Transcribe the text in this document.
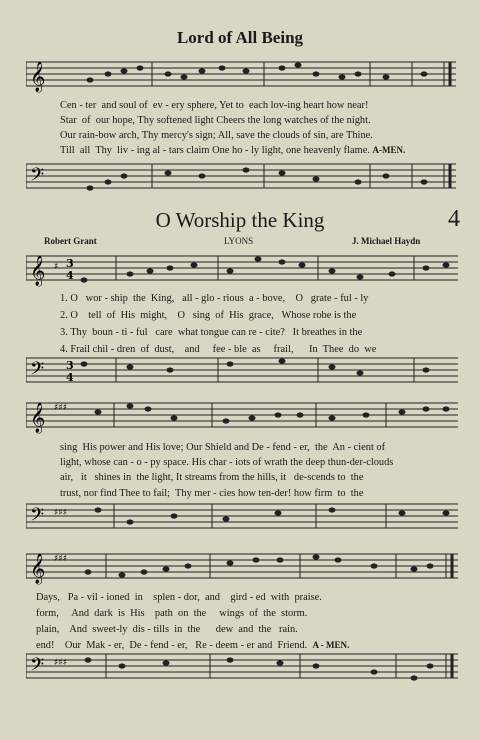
Lord of All Being
𝄞

Cen - ter  and soul of  ev - ery sphere, Yet to  each lov-ing heart how near!

Star  of  our hope, Thy softened light Cheers the long watches of the night.

Our rain-bow arch, Thy mercy's sign; All, save the clouds of sin, are Thine.

Till  all  Thy  liv - ing al - tars claim One ho - ly light, one heavenly flame. A-MEN.

𝄢
O Worship the King	4
Robert Grant	LYONS	J. Michael Haydn
𝄞 ♯ 3
4

1. O   wor - ship  the  King,   all - glo - rious  a - bove,    O   grate - ful - ly

2. O    tell  of  His  might,    O   sing  of  His  grace,   Whose robe is the

3. Thy  boun - ti - ful   care  what tongue can re - cite?   It breathes in the

4. Frail chil - dren  of  dust,    and     fee - ble  as     frail,      In  Thee  do  we

𝄢 3
4
𝄞 ♯♯♯

sing  His power and His love; Our Shield and De - fend - er,  the  An - cient of

light, whose can - o - py space. His char - iots of wrath the deep thun-der-clouds

air,   it   shines in  the light, It streams from the hills, it   de-scends to  the

trust, nor find Thee to fail;  Thy mer - cies how ten-der! how firm  to  the

𝄢 ♯♯♯
𝄞 ♯♯♯

Days,   Pa - vil - ioned  in    splen - dor,  and    gird - ed  with  praise.

form,     And  dark  is  His    path  on  the     wings  of  the  storm.

plain,    And  sweet-ly  dis - tills  in  the      dew  and  the   rain.

end!    Our  Mak - er,  De - fend - er,   Re - deem - er and  Friend. A - MEN.

𝄢 ♯♯♯
